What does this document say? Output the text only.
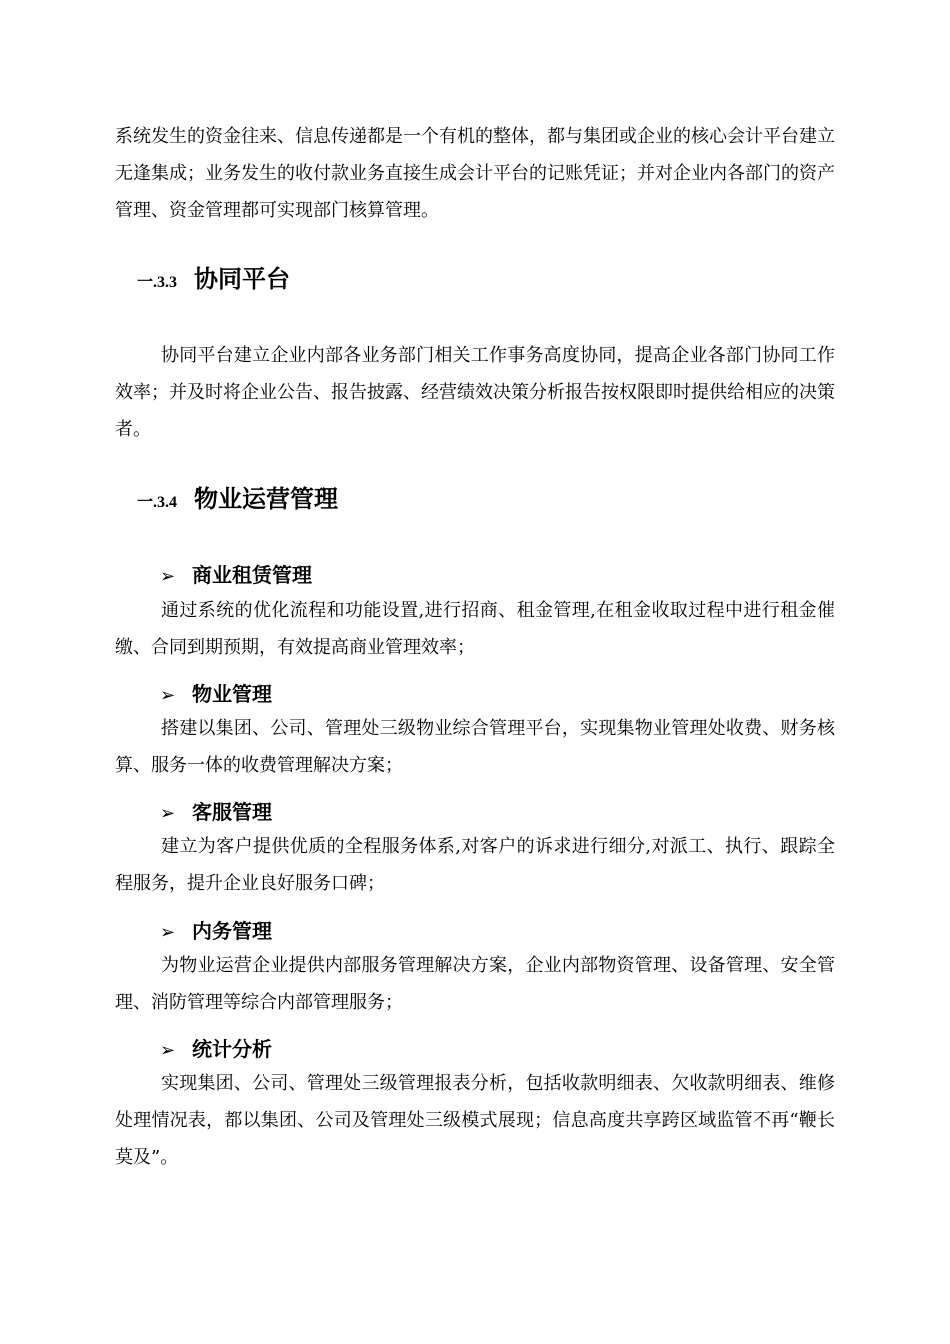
系统发生的资金往来、信息传递都是一个有机的整体，都与集团或企业的核心会计平台建立无逢集成；业务发生的收付款业务直接生成会计平台的记账凭证；并对企业内各部门的资产管理、资金管理都可实现部门核算管理。

一.3.3 协同平台

协同平台建立企业内部各业务部门相关工作事务高度协同，提高企业各部门协同工作效率；并及时将企业公告、报告披露、经营绩效决策分析报告按权限即时提供给相应的决策者。

一.3.4 物业运营管理
➢ 商业租赁管理

通过系统的优化流程和功能设置,进行招商、租金管理,在租金收取过程中进行租金催缴、合同到期预期，有效提高商业管理效率；

➢ 物业管理

搭建以集团、公司、管理处三级物业综合管理平台，实现集物业管理处收费、财务核算、服务一体的收费管理解决方案；

➢ 客服管理

建立为客户提供优质的全程服务体系,对客户的诉求进行细分,对派工、执行、跟踪全程服务，提升企业良好服务口碑；

➢ 内务管理

为物业运营企业提供内部服务管理解决方案，企业内部物资管理、设备管理、安全管理、消防管理等综合内部管理服务；

➢ 统计分析

实现集团、公司、管理处三级管理报表分析，包括收款明细表、欠收款明细表、维修处理情况表，都以集团、公司及管理处三级模式展现；信息高度共享跨区域监管不再“鞭长莫及”。
